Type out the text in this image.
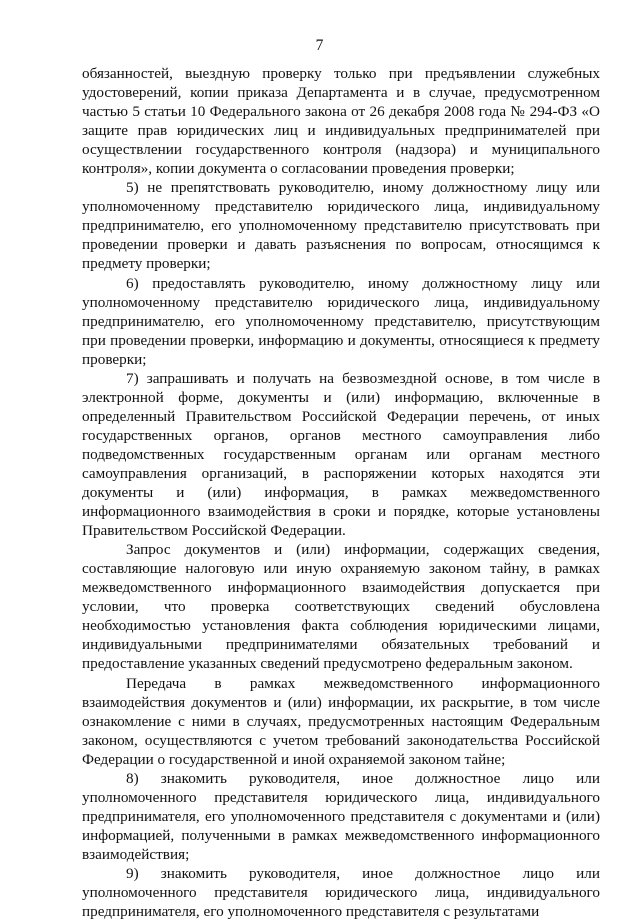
7

обязанностей, выездную проверку только при предъявлении служебных удостоверений, копии приказа Департамента и в случае, предусмотренном частью 5 статьи 10 Федерального закона от 26 декабря 2008 года № 294-ФЗ «О защите прав юридических лиц и индивидуальных предпринимателей при осуществлении государственного контроля (надзора) и муниципального контроля», копии документа о согласовании проведения проверки;

5) не препятствовать руководителю, иному должностному лицу или уполномоченному представителю юридического лица, индивидуальному предпринимателю, его уполномоченному представителю присутствовать при проведении проверки и давать разъяснения по вопросам, относящимся к предмету проверки;

6) предоставлять руководителю, иному должностному лицу или уполномоченному представителю юридического лица, индивидуальному предпринимателю, его уполномоченному представителю, присутствующим при проведении проверки, информацию и документы, относящиеся к предмету проверки;

7) запрашивать и получать на безвозмездной основе, в том числе в электронной форме, документы и (или) информацию, включенные в определенный Правительством Российской Федерации перечень, от иных государственных органов, органов местного самоуправления либо подведомственных государственным органам или органам местного самоуправления организаций, в распоряжении которых находятся эти документы и (или) информация, в рамках межведомственного информационного взаимодействия в сроки и порядке, которые установлены Правительством Российской Федерации.

Запрос документов и (или) информации, содержащих сведения, составляющие налоговую или иную охраняемую законом тайну, в рамках межведомственного информационного взаимодействия допускается при условии, что проверка соответствующих сведений обусловлена необходимостью установления факта соблюдения юридическими лицами, индивидуальными предпринимателями обязательных требований и предоставление указанных сведений предусмотрено федеральным законом.

Передача в рамках межведомственного информационного взаимодействия документов и (или) информации, их раскрытие, в том числе ознакомление с ними в случаях, предусмотренных настоящим Федеральным законом, осуществляются с учетом требований законодательства Российской Федерации о государственной и иной охраняемой законом тайне;

8) знакомить руководителя, иное должностное лицо или уполномоченного представителя юридического лица, индивидуального предпринимателя, его уполномоченного представителя с документами и (или) информацией, полученными в рамках межведомственного информационного взаимодействия;

9) знакомить руководителя, иное должностное лицо или уполномоченного представителя юридического лица, индивидуального предпринимателя, его уполномоченного представителя с результатами
